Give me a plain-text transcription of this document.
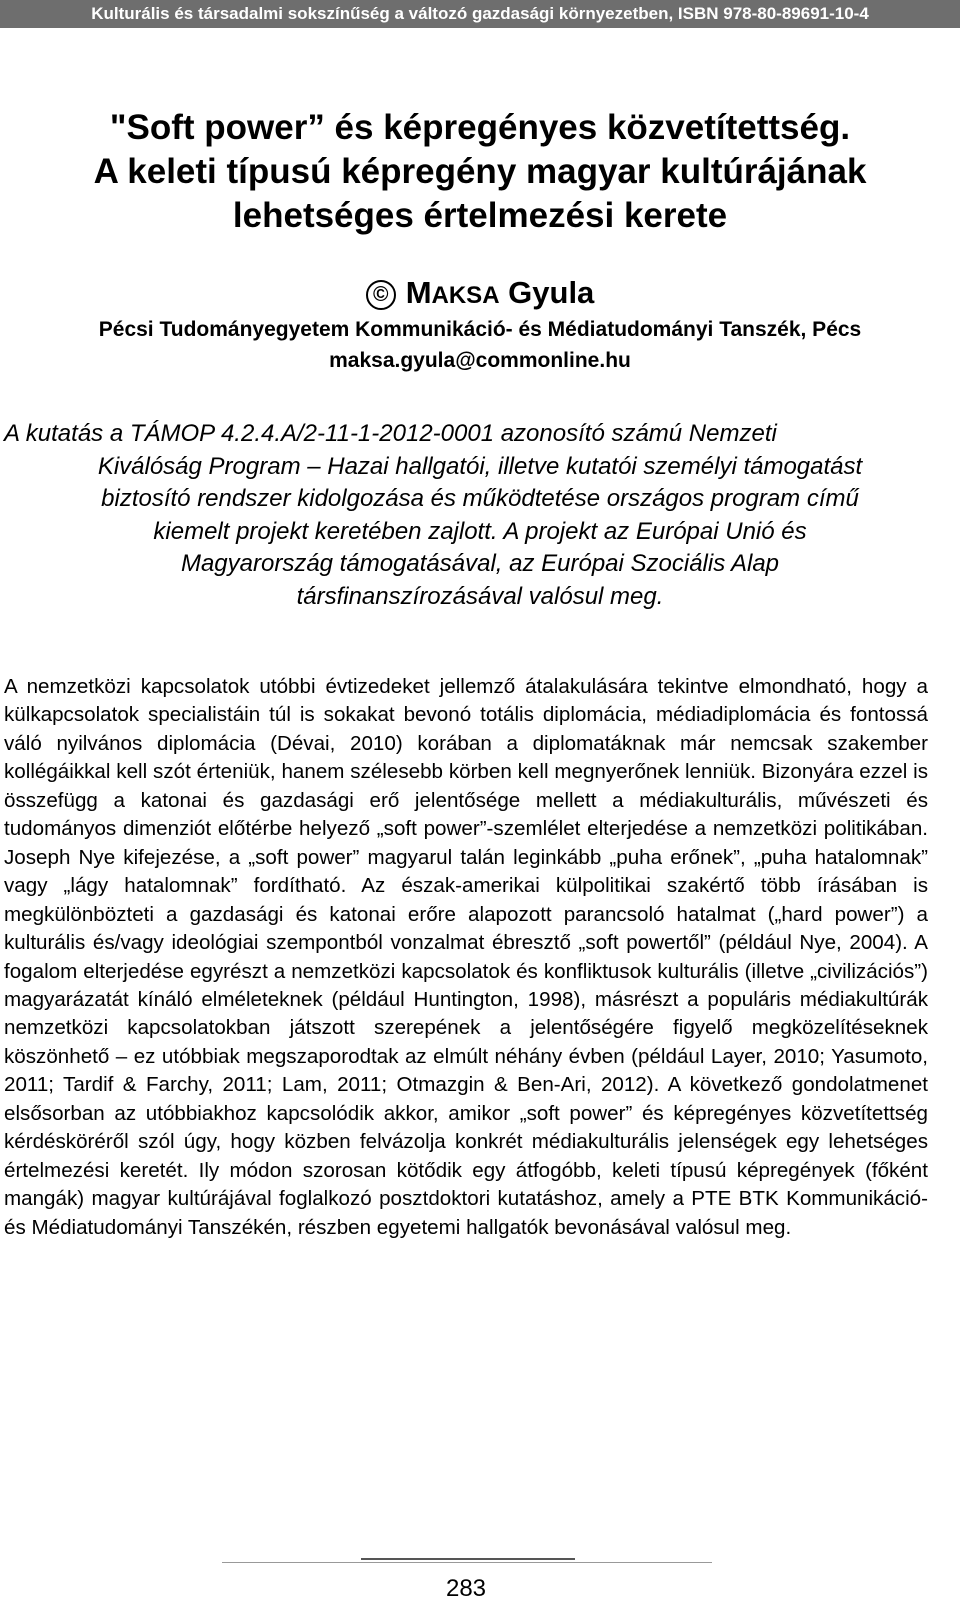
Kulturális és társadalmi sokszínűség a változó gazdasági környezetben, ISBN 978-80-89691-10-4
"Soft power” és képregényes közvetítettség.
A keleti típusú képregény magyar kultúrájának
lehetséges értelmezési kerete
© MAKSA Gyula
Pécsi Tudományegyetem Kommunikáció- és Médiatudományi Tanszék, Pécs
maksa.gyula@commonline.hu
A kutatás a TÁMOP 4.2.4.A/2-11-1-2012-0001 azonosító számú Nemzeti
Kiválóság Program – Hazai hallgatói, illetve kutatói személyi támogatást
biztosító rendszer kidolgozása és működtetése országos program című
kiemelt projekt keretében zajlott. A projekt az Európai Unió és
Magyarország támogatásával, az Európai Szociális Alap
társfinanszírozásával valósul meg.

A nemzetközi kapcsolatok utóbbi évtizedeket jellemző átalakulására tekintve elmondható, hogy a külkapcsolatok specialistáin túl is sokakat bevonó totális diplomácia, médiadiplomácia és fontossá váló nyilvános diplomácia (Dévai, 2010) korában a diplomatáknak már nemcsak szakember kollégáikkal kell szót érteniük, hanem szélesebb körben kell megnyerőnek lenniük. Bizonyára ezzel is összefügg a katonai és gazdasági erő jelentősége mellett a médiakulturális, művészeti és tudományos dimenziót előtérbe helyező „soft power”-szemlélet elterjedése a nemzetközi politikában. Joseph Nye kifejezése, a „soft power” magyarul talán leginkább „puha erőnek”, „puha hatalomnak” vagy „lágy hatalomnak” fordítható. Az észak-amerikai külpolitikai szakértő több írásában is megkülönbözteti a gazdasági és katonai erőre alapozott parancsoló hatalmat („hard power”) a kulturális és/vagy ideológiai szempontból vonzalmat ébresztő „soft powertől” (például Nye, 2004). A fogalom elterjedése egyrészt a nemzetközi kapcsolatok és konfliktusok kulturális (illetve „civilizációs”) magyarázatát kínáló elméleteknek (például Huntington, 1998), másrészt a populáris médiakultúrák nemzetközi kapcsolatokban játszott szerepének a jelentőségére figyelő megközelítéseknek köszönhető – ez utóbbiak megszaporodtak az elmúlt néhány évben (például Layer, 2010; Yasumoto, 2011; Tardif & Farchy, 2011; Lam, 2011; Otmazgin & Ben-Ari, 2012). A következő gondolatmenet elsősorban az utóbbiakhoz kapcsolódik akkor, amikor „soft power” és képregényes közvetítettség kérdésköréről szól úgy, hogy közben felvázolja konkrét médiakulturális jelenségek egy lehetséges értelmezési keretét. Ily módon szorosan kötődik egy átfogóbb, keleti típusú képregények (főként mangák) magyar kultúrájával foglalkozó posztdoktori kutatáshoz, amely a PTE BTK Kommunikáció- és Médiatudományi Tanszékén, részben egyetemi hallgatók bevonásával valósul meg.

283
